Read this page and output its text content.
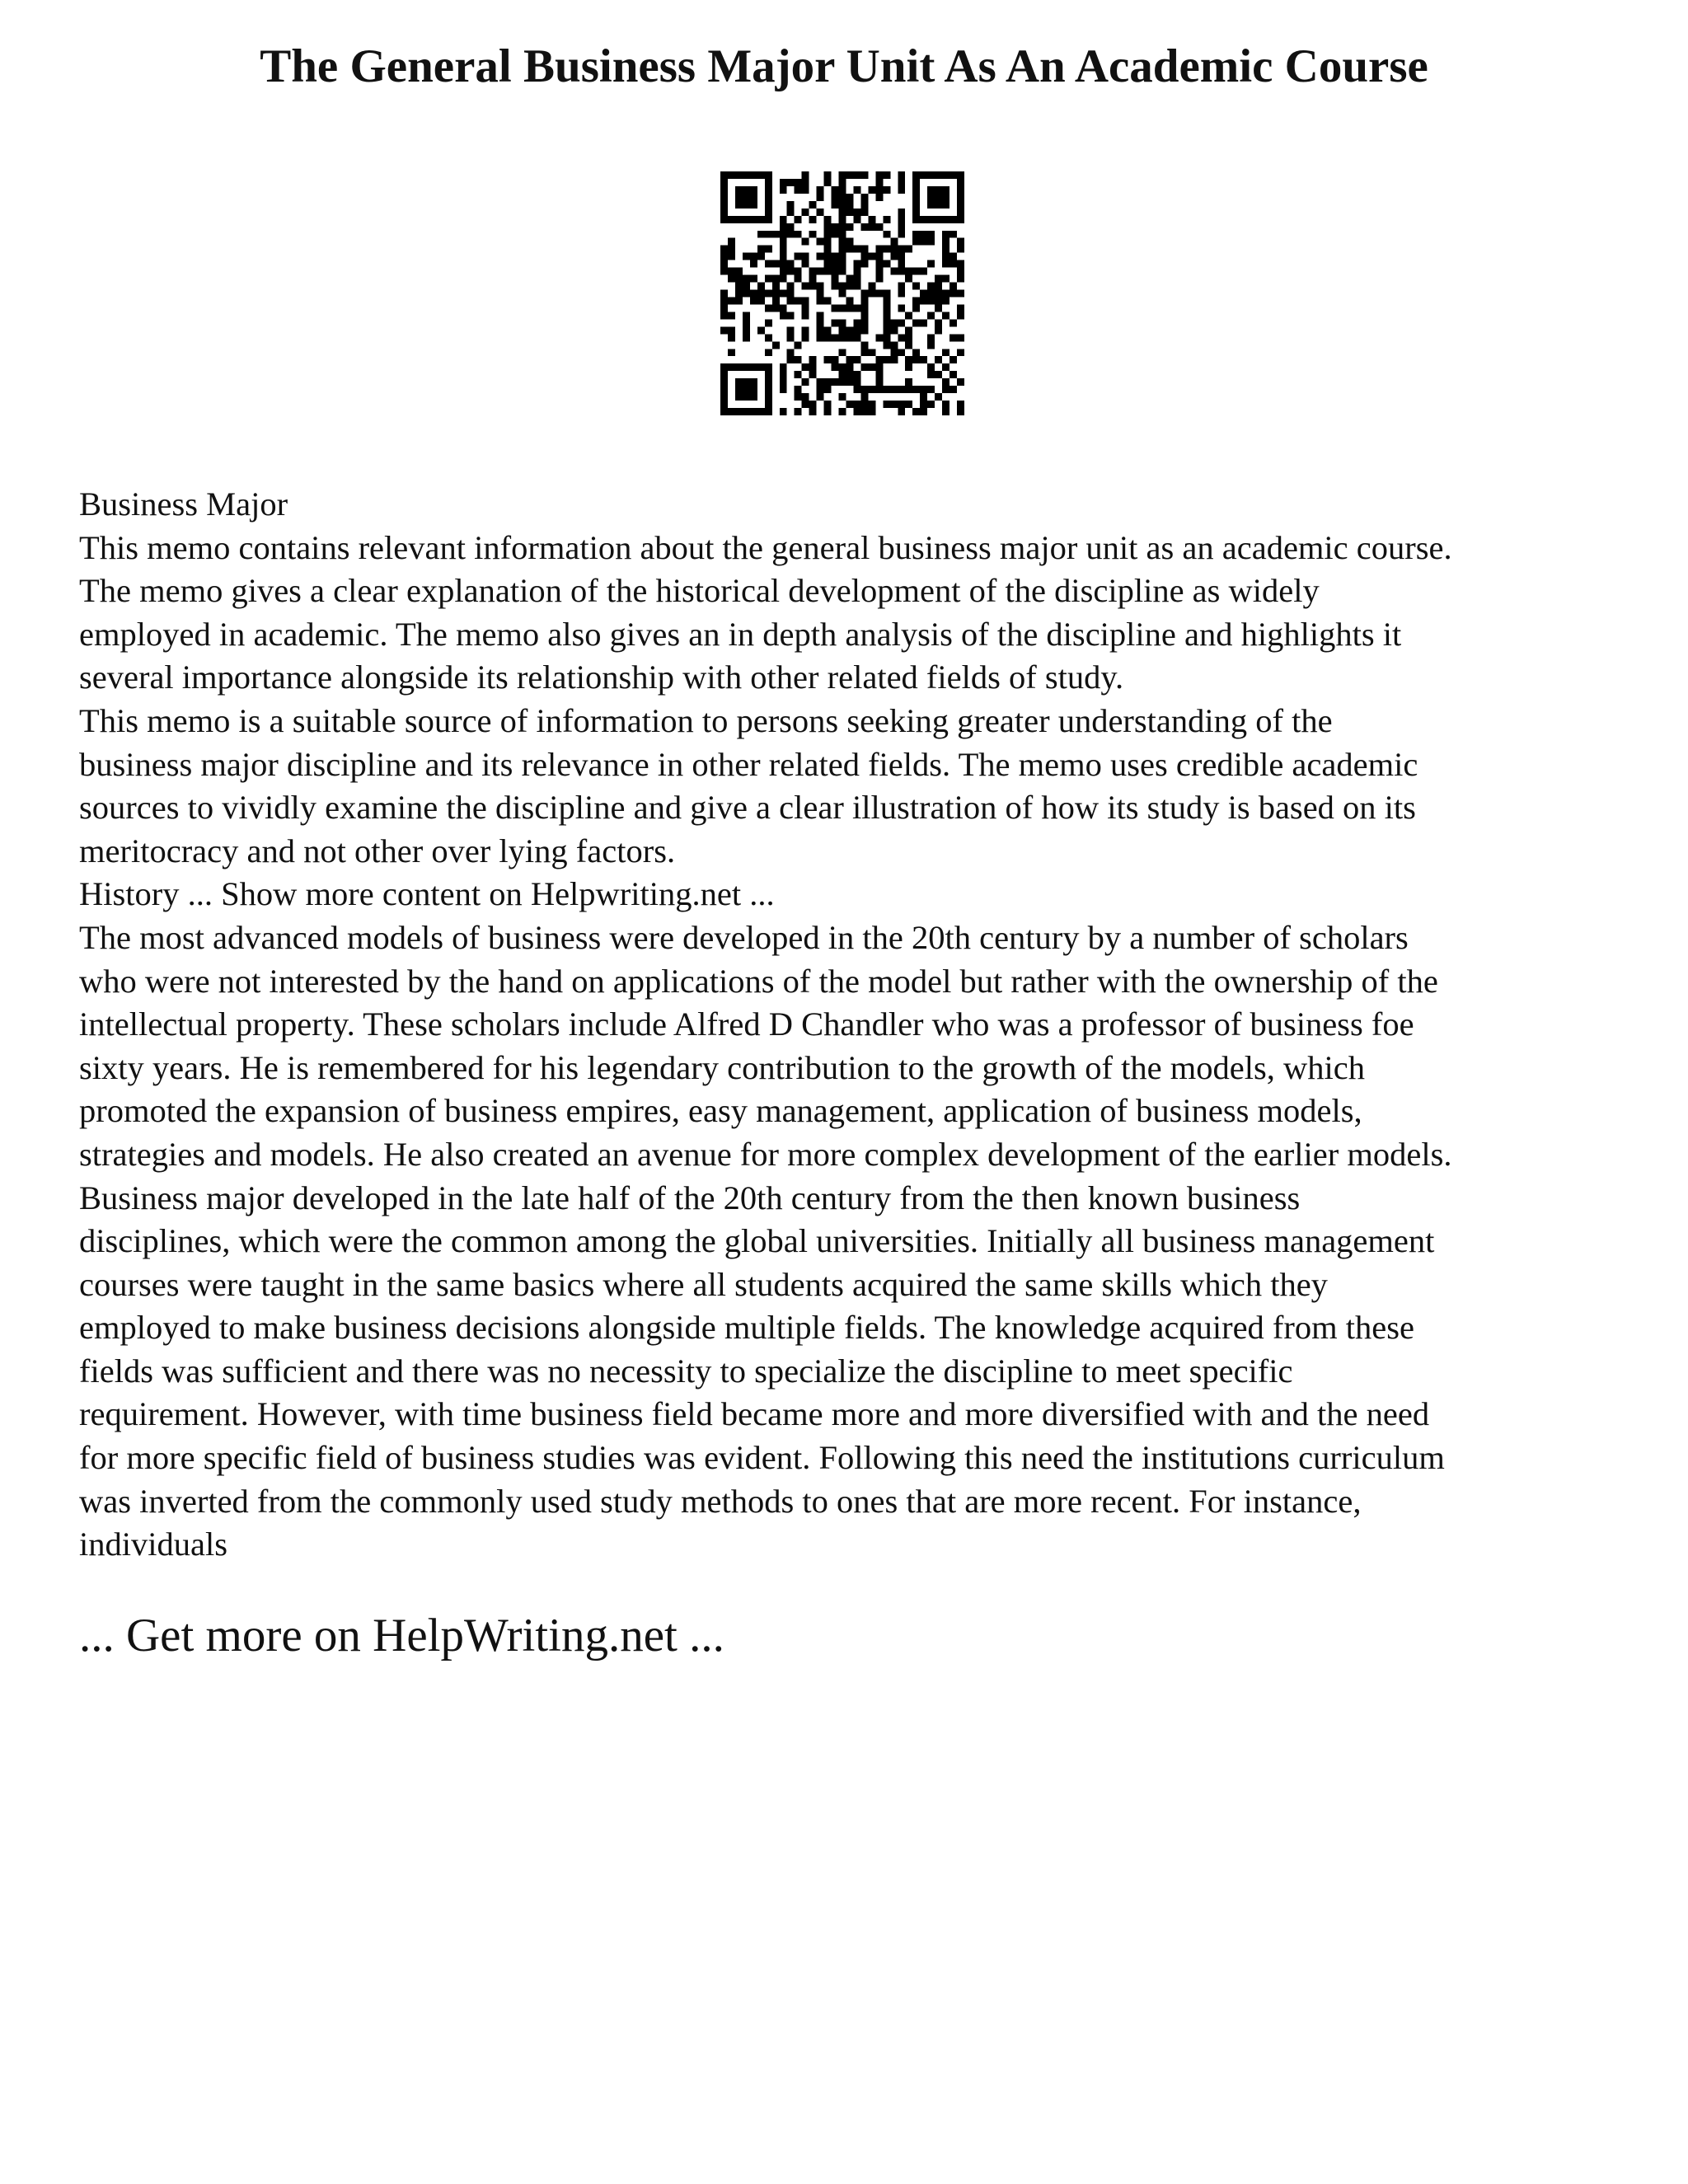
The General Business Major Unit As An Academic Course
Business Major
This memo contains relevant information about the general business major unit as an academic course.
The memo gives a clear explanation of the historical development of the discipline as widely
employed in academic. The memo also gives an in depth analysis of the discipline and highlights it
several importance alongside its relationship with other related fields of study.
This memo is a suitable source of information to persons seeking greater understanding of the
business major discipline and its relevance in other related fields. The memo uses credible academic
sources to vividly examine the discipline and give a clear illustration of how its study is based on its
meritocracy and not other over lying factors.
History ... Show more content on Helpwriting.net ...
The most advanced models of business were developed in the 20th century by a number of scholars
who were not interested by the hand on applications of the model but rather with the ownership of the
intellectual property. These scholars include Alfred D Chandler who was a professor of business foe
sixty years. He is remembered for his legendary contribution to the growth of the models, which
promoted the expansion of business empires, easy management, application of business models,
strategies and models. He also created an avenue for more complex development of the earlier models.
Business major developed in the late half of the 20th century from the then known business
disciplines, which were the common among the global universities. Initially all business management
courses were taught in the same basics where all students acquired the same skills which they
employed to make business decisions alongside multiple fields. The knowledge acquired from these
fields was sufficient and there was no necessity to specialize the discipline to meet specific
requirement. However, with time business field became more and more diversified with and the need
for more specific field of business studies was evident. Following this need the institutions curriculum
was inverted from the commonly used study methods to ones that are more recent. For instance,
individuals
... Get more on HelpWriting.net ...
